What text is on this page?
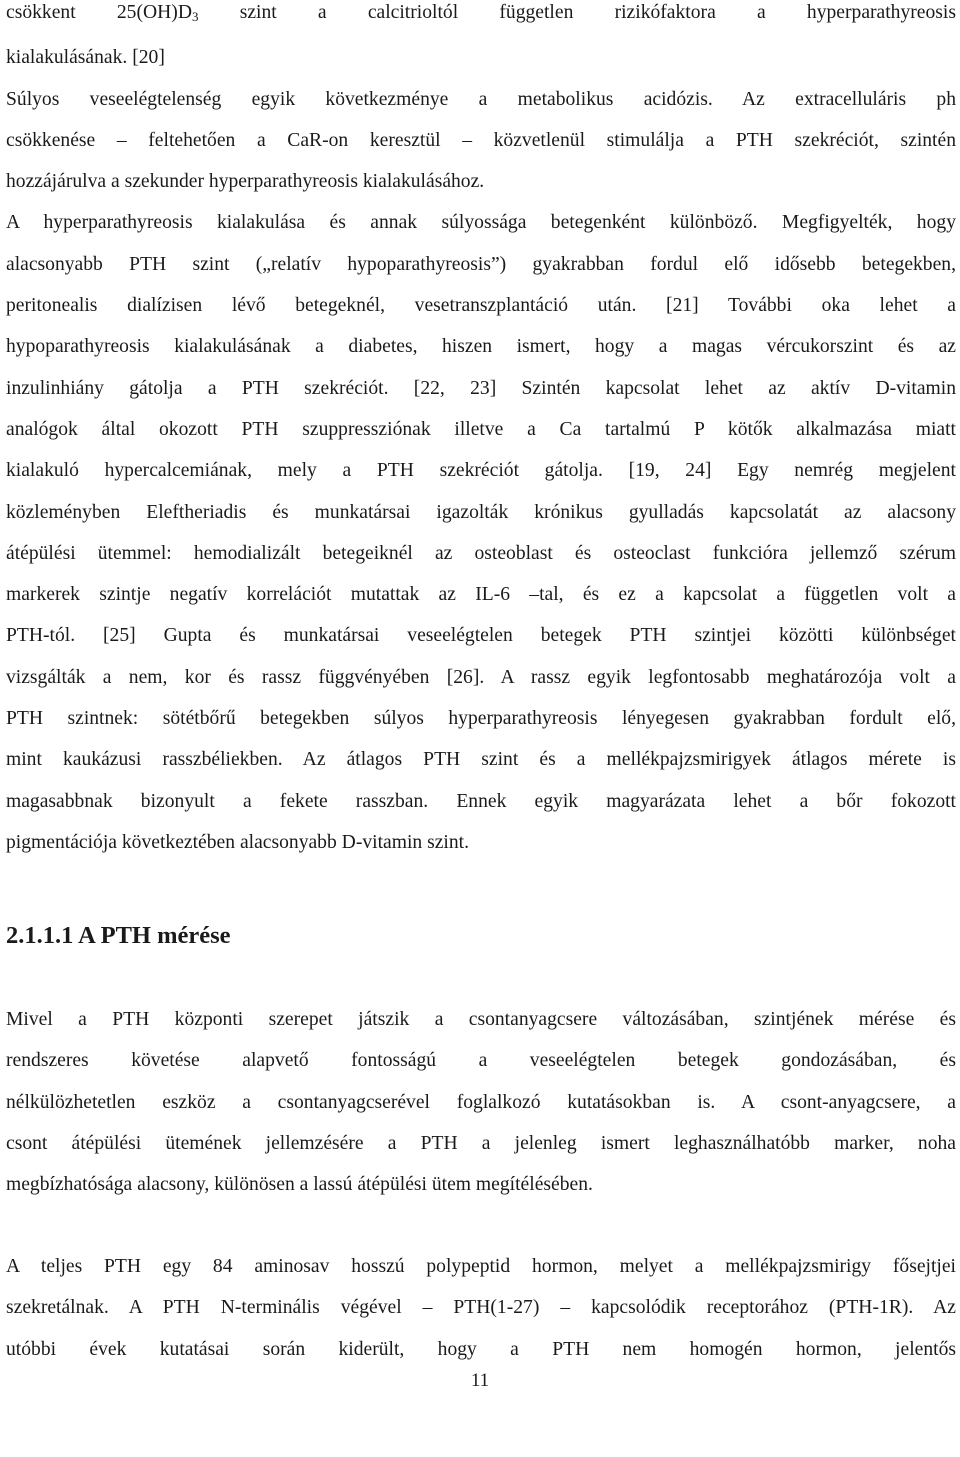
csökkent $25(OH)D_3$ szint a calcitrioltól független rizikófaktora a hyperparathyreosis
kialakulásának. [20]
Súlyos veseelégtelenség egyik következménye a metabolikus acidózis. Az extracelluláris ph
csökkenése – feltehetően a CaR-on keresztül – közvetlenül stimulálja a PTH szekréciót, szintén
hozzájárulva a szekunder hyperparathyreosis kialakulásához.
A hyperparathyreosis kialakulása és annak súlyossága betegenként különböző. Megfigyelték, hogy
alacsonyabb PTH szint („relatív hypoparathyreosis”) gyakrabban fordul elő idősebb betegekben,
peritonealis dialízisen lévő betegeknél, vesetranszplantáció után. [21] További oka lehet a
hypoparathyreosis kialakulásának a diabetes, hiszen ismert, hogy a magas vércukorszint és az
inzulinhiány gátolja a PTH szekréciót. [22, 23] Szintén kapcsolat lehet az aktív D-vitamin
analógok által okozott PTH szuppressziónak illetve a Ca tartalmú P kötők alkalmazása miatt
kialakuló hypercalcemiának, mely a PTH szekréciót gátolja. [19, 24] Egy nemrég megjelent
közleményben Eleftheriadis és munkatársai igazolták krónikus gyulladás kapcsolatát az alacsony
átépülési ütemmel: hemodializált betegeiknél az osteoblast és osteoclast funkcióra jellemző szérum
markerek szintje negatív korrelációt mutattak az IL-6 –tal, és ez a kapcsolat a független volt a
PTH-tól. [25] Gupta és munkatársai veseelégtelen betegek PTH szintjei közötti különbséget
vizsgálták a nem, kor és rassz függvényében [26]. A rassz egyik legfontosabb meghatározója volt a
PTH szintnek: sötétbőrű betegekben súlyos hyperparathyreosis lényegesen gyakrabban fordult elő,
mint kaukázusi rasszbéliekben. Az átlagos PTH szint és a mellékpajzsmirigyek átlagos mérete is
magasabbnak bizonyult a fekete rasszban. Ennek egyik magyarázata lehet a bőr fokozott
pigmentációja következtében alacsonyabb D-vitamin szint.
2.1.1.1 A PTH mérése
Mivel a PTH központi szerepet játszik a csontanyagcsere változásában, szintjének mérése és
rendszeres követése alapvető fontosságú a veseelégtelen betegek gondozásában, és
nélkülözhetetlen eszköz a csontanyagcserével foglalkozó kutatásokban is. A csont-anyagcsere, a
csont átépülési ütemének jellemzésére a PTH a jelenleg ismert leghasználhatóbb marker, noha
megbízhatósága alacsony, különösen a lassú átépülési ütem megítélésében.
A teljes PTH egy 84 aminosav hosszú polypeptid hormon, melyet a mellékpajzsmirigy fősejtjei
szekretálnak. A PTH N-terminális végével – PTH(1-27) – kapcsolódik receptorához (PTH-1R). Az
utóbbi évek kutatásai során kiderült, hogy a PTH nem homogén hormon, jelentős
11
